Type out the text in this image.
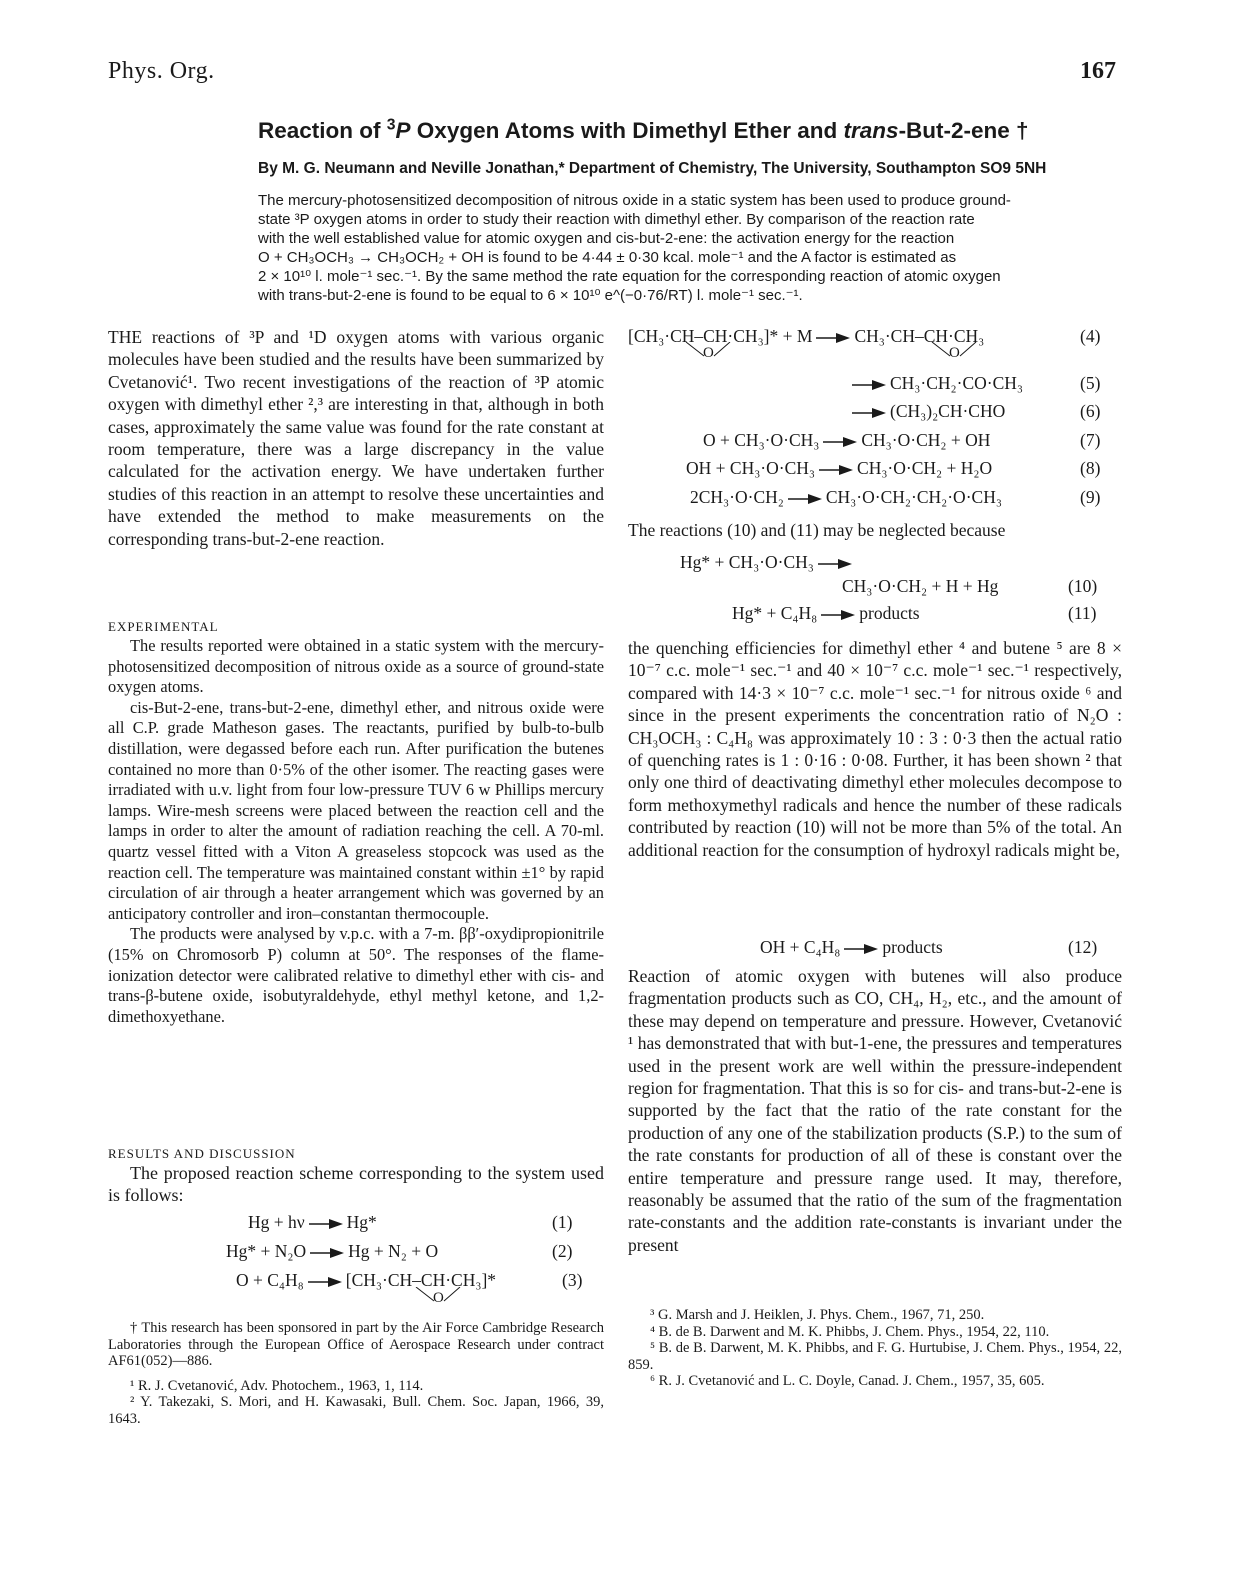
Phys. Org.	167
Reaction of $^3$P Oxygen Atoms with Dimethyl Ether and trans-But-2-ene †
By M. G. Neumann and Neville Jonathan,* Department of Chemistry, The University, Southampton SO9 5NH
The mercury-photosensitized decomposition of nitrous oxide in a static system has been used to produce ground-
state ³P oxygen atoms in order to study their reaction with dimethyl ether. By comparison of the reaction rate
with the well established value for atomic oxygen and cis-but-2-ene: the activation energy for the reaction
O + CH₃OCH₃ → CH₃OCH₂ + OH is found to be 4·44 ± 0·30 kcal. mole⁻¹ and the A factor is estimated as
2 × 10¹⁰ l. mole⁻¹ sec.⁻¹. By the same method the rate equation for the corresponding reaction of atomic oxygen
with trans-but-2-ene is found to be equal to 6 × 10¹⁰ e^(−0·76/RT) l. mole⁻¹ sec.⁻¹.

THE reactions of ³P and ¹D oxygen atoms with various organic molecules have been studied and the results have been summarized by Cvetanović¹. Two recent investigations of the reaction of ³P atomic oxygen with dimethyl ether ²,³ are interesting in that, although in both cases, approximately the same value was found for the rate constant at room temperature, there was a large discrepancy in the value calculated for the activation energy. We have undertaken further studies of this reaction in an attempt to resolve these uncertainties and have extended the method to make measurements on the corresponding trans-but-2-ene reaction.

EXPERIMENTAL

The results reported were obtained in a static system with the mercury-photosensitized decomposition of nitrous oxide as a source of ground-state oxygen atoms.

cis-But-2-ene, trans-but-2-ene, dimethyl ether, and nitrous oxide were all C.P. grade Matheson gases. The reactants, purified by bulb-to-bulb distillation, were degassed before each run. After purification the butenes contained no more than 0·5% of the other isomer. The reacting gases were irradiated with u.v. light from four low-pressure TUV 6 w Phillips mercury lamps. Wire-mesh screens were placed between the reaction cell and the lamps in order to alter the amount of radiation reaching the cell. A 70-ml. quartz vessel fitted with a Viton A greaseless stopcock was used as the reaction cell. The temperature was maintained constant within ±1° by rapid circulation of air through a heater arrangement which was governed by an anticipatory controller and iron–constantan thermocouple.

The products were analysed by v.p.c. with a 7-m. ββ′-oxydipropionitrile (15% on Chromosorb P) column at 50°. The responses of the flame-ionization detector were calibrated relative to dimethyl ether with cis- and trans-β-butene oxide, isobutyraldehyde, ethyl methyl ketone, and 1,2-dimethoxyethane.

RESULTS AND DISCUSSION

The proposed reaction scheme corresponding to the system used is follows:

Hg + hν → Hg*	(1)
Hg* + N₂O → Hg + N₂ + O	(2)
O + C₄H₈ → [CH₃·CH–CH·CH₃]*
O
(3)

† This research has been sponsored in part by the Air Force Cambridge Research Laboratories through the European Office of Aerospace Research under contract AF61(052)—886.

¹ R. J. Cvetanović, Adv. Photochem., 1963, 1, 114.

² Y. Takezaki, S. Mori, and H. Kawasaki, Bull. Chem. Soc. Japan, 1966, 39, 1643.

[CH₃·CH–CH·CH₃]* + M → CH₃·CH–CH·CH₃
O	O
(4)
→ CH₃·CH₂·CO·CH₃	(5)
→ (CH₃)₂CH·CHO	(6)
O + CH₃·O·CH₃ → CH₃·O·CH₂ + OH	(7)
OH + CH₃·O·CH₃ → CH₃·O·CH₂ + H₂O	(8)
2CH₃·O·CH₂ → CH₃·O·CH₂·CH₂·O·CH₃	(9)

The reactions (10) and (11) may be neglected because

Hg* + CH₃·O·CH₃ →
CH₃·O·CH₂ + H + Hg	(10)
Hg* + C₄H₈ → products	(11)

the quenching efficiencies for dimethyl ether ⁴ and butene ⁵ are 8 × 10⁻⁷ c.c. mole⁻¹ sec.⁻¹ and 40 × 10⁻⁷ c.c. mole⁻¹ sec.⁻¹ respectively, compared with 14·3 × 10⁻⁷ c.c. mole⁻¹ sec.⁻¹ for nitrous oxide ⁶ and since in the present experiments the concentration ratio of N₂O : CH₃OCH₃ : C₄H₈ was approximately 10 : 3 : 0·3 then the actual ratio of quenching rates is 1 : 0·16 : 0·08. Further, it has been shown ² that only one third of deactivating dimethyl ether molecules decompose to form methoxymethyl radicals and hence the number of these radicals contributed by reaction (10) will not be more than 5% of the total. An additional reaction for the consumption of hydroxyl radicals might be,

OH + C₄H₈ → products	(12)

Reaction of atomic oxygen with butenes will also produce fragmentation products such as CO, CH₄, H₂, etc., and the amount of these may depend on temperature and pressure. However, Cvetanović ¹ has demonstrated that with but-1-ene, the pressures and temperatures used in the present work are well within the pressure-independent region for fragmentation. That this is so for cis- and trans-but-2-ene is supported by the fact that the ratio of the rate constant for the production of any one of the stabilization products (S.P.) to the sum of the rate constants for production of all of these is constant over the entire temperature and pressure range used. It may, therefore, reasonably be assumed that the ratio of the sum of the fragmentation rate-constants and the addition rate-constants is invariant under the present

³ G. Marsh and J. Heiklen, J. Phys. Chem., 1967, 71, 250.

⁴ B. de B. Darwent and M. K. Phibbs, J. Chem. Phys., 1954, 22, 110.

⁵ B. de B. Darwent, M. K. Phibbs, and F. G. Hurtubise, J. Chem. Phys., 1954, 22, 859.

⁶ R. J. Cvetanović and L. C. Doyle, Canad. J. Chem., 1957, 35, 605.
